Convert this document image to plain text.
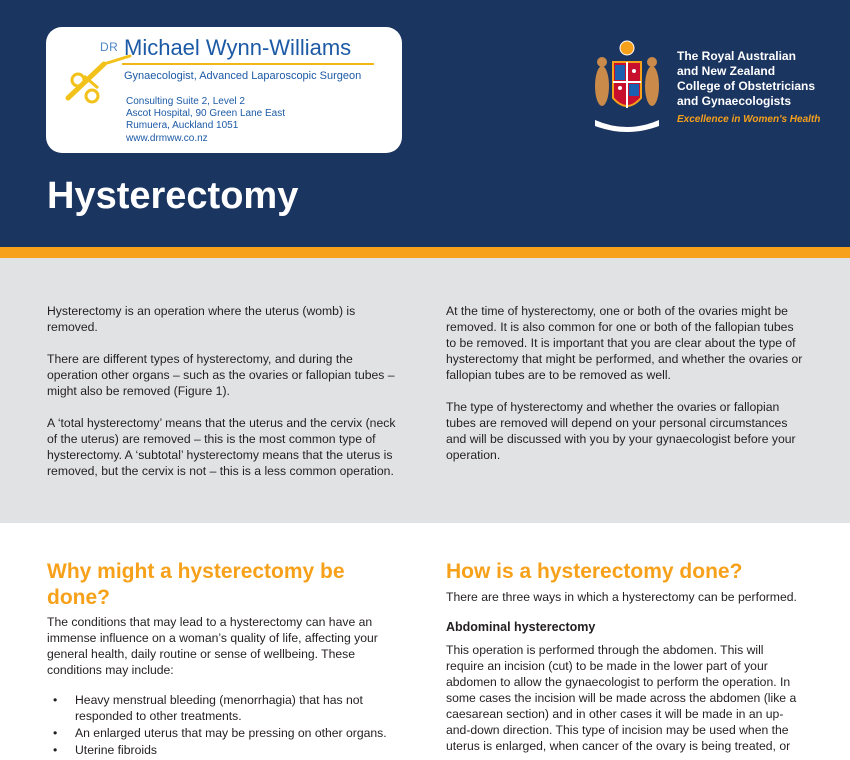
DR Michael Wynn-Williams
Gynaecologist, Advanced Laparoscopic Surgeon
Consulting Suite 2, Level 2
Ascot Hospital, 90 Green Lane East
Rumuera, Auckland 1051
www.drmww.co.nz
The Royal Australian
and New Zealand
College of Obstetricians
and Gynaecologists
Excellence in Women's Health
Hysterectomy

Hysterectomy is an operation where the uterus (womb) is removed.

There are different types of hysterectomy, and during the operation other organs – such as the ovaries or fallopian tubes – might also be removed (Figure 1).

A ‘total hysterectomy’ means that the uterus and the cervix (neck of the uterus) are removed – this is the most common type of hysterectomy. A ‘subtotal’ hysterectomy means that the uterus is removed, but the cervix is not – this is a less common operation.

At the time of hysterectomy, one or both of the ovaries might be removed. It is also common for one or both of the fallopian tubes to be removed. It is important that you are clear about the type of hysterectomy that might be performed, and whether the ovaries or fallopian tubes are to be removed as well.

The type of hysterectomy and whether the ovaries or fallopian tubes are removed will depend on your personal circumstances and will be discussed with you by your gynaecologist before your operation.

Why might a hysterectomy be done?

The conditions that may lead to a hysterectomy can have an immense influence on a woman’s quality of life, affecting your general health, daily routine or sense of wellbeing. These conditions may include:

• Heavy menstrual bleeding (menorrhagia) that has not responded to other treatments.
• An enlarged uterus that may be pressing on other organs.
• Uterine fibroids
How is a hysterectomy done?
There are three ways in which a hysterectomy can be performed.
Abdominal hysterectomy
This operation is performed through the abdomen. This will require an incision (cut) to be made in the lower part of your abdomen to allow the gynaecologist to perform the operation. In some cases the incision will be made across the abdomen (like a caesarean section) and in other cases it will be made in an up-and-down direction. This type of incision may be used when the uterus is enlarged, when cancer of the ovary is being treated, or
